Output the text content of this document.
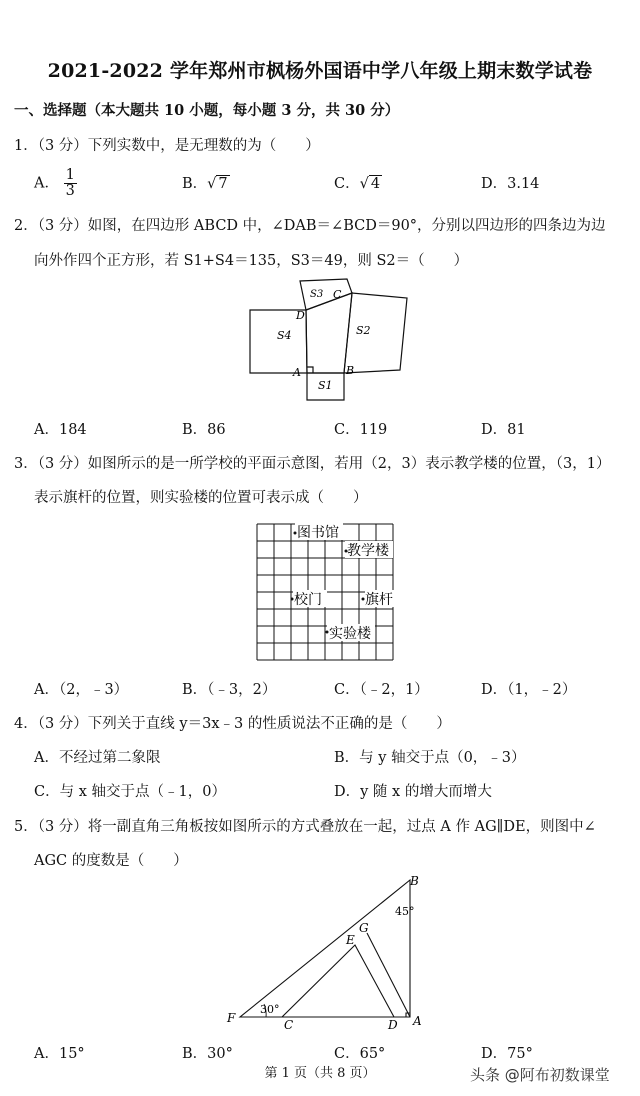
2021-2022 学年郑州市枫杨外国语中学八年级上期末数学试卷
一、选择题（本大题共 10 小题，每小题 3 分，共 30 分）
1．（3 分）下列实数中，是无理数的为（　　）
A． $\frac{1}{3}$	B．√ 7	C．√ 4	D．3.14
2．（3 分）如图，在四边形 ABCD 中，∠DAB＝∠BCD＝90°，分别以四边形的四条边为边
向外作四个正方形，若 S1+S4＝135，S3＝49，则 S2＝（　　）
S1
S2
S3
S4
A	B
C
D
A．184	B．86	C．119	D．81
3．（3 分）如图所示的是一所学校的平面示意图，若用（2，3）表示教学楼的位置，（3，1）
表示旗杆的位置，则实验楼的位置可表示成（　　）
图书馆
教学楼
校门	旗杆
实验楼
A．（2，﹣3）	B．（﹣3，2）	C．（﹣2，1）	D．（1，﹣2）
4．（3 分）下列关于直线 y＝3x﹣3 的性质说法不正确的是（　　）
A．不经过第二象限	B．与 y 轴交于点（0，﹣3）
C．与 x 轴交于点（﹣1，0）	D．y 随 x 的增大而增大
5．（3 分）将一副直角三角板按如图所示的方式叠放在一起，过点 A 作 AG∥DE，则图中∠
AGC 的度数是（　　）
B
G
E
F	C	D A
45°
30°
A．15°	B．30°	C．65°	D．75°
第 1 页（共 8 页）	头条 @阿布初数课堂
